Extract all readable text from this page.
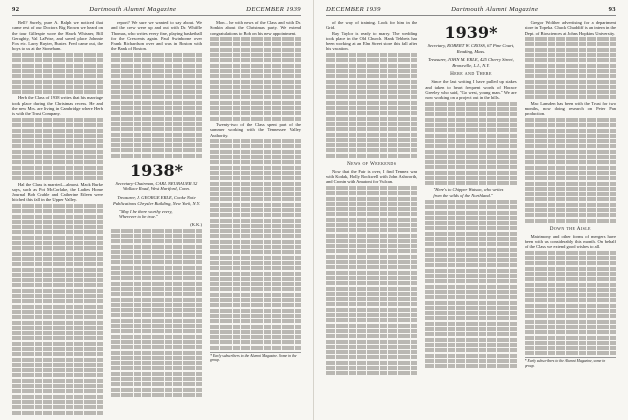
92	Dartmouth Alumni Magazine	DECEMBER 1939

Bell? Surely, pure A. Ralph we noticed that came rest of our Doctors Big Brown we heard on the tour Gillespie wore the Hawk Whisner, Bill Geraghty, Val LaPrise, and saved place Johnnie Fox etc. Larry Ruyter, Buster. Fred came out, the boys to us at the Stoneham.

Herb the Class of 1938 writes that his marriage took place during the Christmas recess. He and the new Mrs. are living in Cambridge where Herb is with the Trust Company.

Hal the Class is married—almost. Mack Burke says, such as Pot McCorlake, the Ladies Home Journal Bob Crable and Catherine Eileen were hitched this fall in the Upper Valley.

report? We sure we wanted to say about. We and the crew were up and out with Dr. Whiffle Thomas, who writes every fine, playing basketball for the Crescents again. Paul Swinborne over Frank Richardson over and was in Boston with the Bank of Boston.

1938*
Secretary-Chairman, CARL NEUBAUER 32 Wallace Road, West Hartford, Conn.
Treasurer, J. GEORGE ERLE, Cooke Note Publications Chrysler Building, New York, N.Y.
"May I be there worthy every,
Wherever to be true."
(K.K.)

Mon... he with news of the Class and with Dr. Sonkin about the Christmas party. We extend congratulations to Bob on his new appointment.

Twenty-two of the Class spent part of the summer working with the Tennessee Valley Authority.

* Early subscribers to the Alumni Magazine. Some in the group.
DECEMBER 1939	Dartmouth Alumni Magazine	93

of the way of training. Look for him in the Grid.

Ray Taylor is ready to marry. The wedding took place in the Old Church. Hank Tebbets has been working at an Elm Street store this fall after his vacation.

News of Weekends

Now that the Fair is over, I find Tennex was with Kodak, Holly Rockwell with John Ashworth, and Cronin with Amatoni for Vulcan.

1939*
Secretary, ROBERT W. CROSS, 67 Pine Court, Reading, Mass.
Treasurer, JOHN M. ERLE, 425 Cherry Street, Bronxville, L.I., N.Y.
Here and There

Since the last writing I have pulled up stakes and taken to heart frequent words of Horace Greeley who said, "Go west, young man." We are now working on a project out in the hills.

"Here's to Chipper Watson, who writes
from the wilds of the Northland."

Gregor Wolther advertising for a department store in Topeka. Chuck Chuddiff is an intern in the Dept. of Biosciences at Johns Hopkins University.

Mac Lansden has been with the Trust for two months, now doing research on Peter Pan production.

Down the Aisle

Matrimony and other forms of mergers have been with us considerably this month. On behalf of the Class we extend good wishes to all.

* Early subscribers to the Alumni Magazine, some in group.
